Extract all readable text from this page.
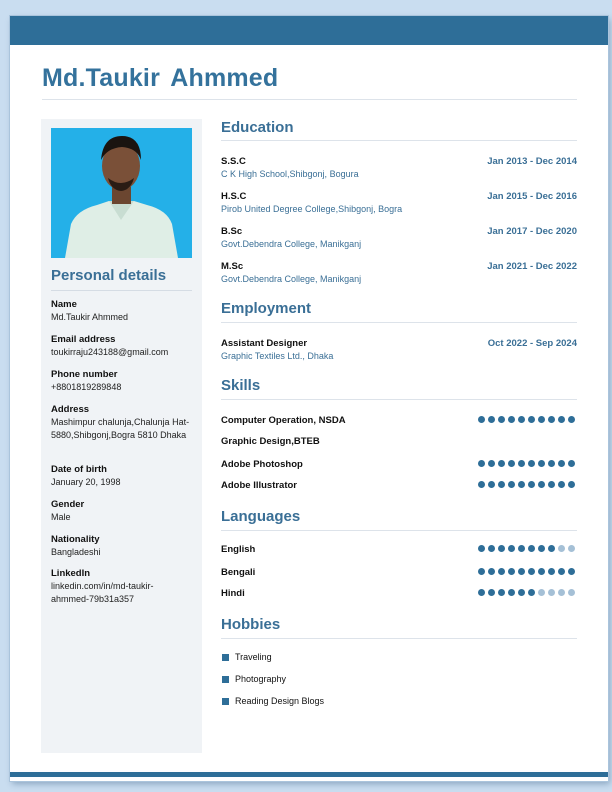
Md.Taukir Ahmmed
Personal details
Name
Md.Taukir Ahmmed
Email address
toukirraju243188@gmail.com
Phone number
+8801819289848
Address
Mashimpur chalunja,Chalunja Hat-5880,Shibgonj,Bogra 5810 Dhaka
Date of birth
January 20, 1998
Gender
Male
Nationality
Bangladeshi
LinkedIn
linkedin.com/in/md-taukir-ahmmed-79b31a357
Education
S.S.C
C K High School,Shibgonj, Bogura
Jan 2013 - Dec 2014
H.S.C
Pirob United Degree College,Shibgonj, Bogra
Jan 2015 - Dec 2016
B.Sc
Govt.Debendra College, Manikganj
Jan 2017 - Dec 2020
M.Sc
Govt.Debendra College, Manikganj
Jan 2021 - Dec 2022
Employment
Assistant Designer
Graphic Textiles Ltd., Dhaka
Oct 2022 - Sep 2024
Skills
Computer Operation, NSDA
Graphic Design,BTEB
Adobe Photoshop
Adobe Illustrator
Languages
English
Bengali
Hindi
Hobbies
Traveling
Photography
Reading Design Blogs
